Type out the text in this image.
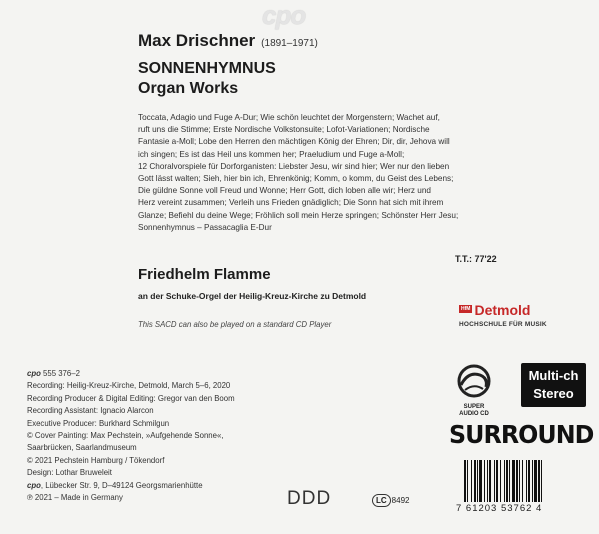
cpo
Max Drischner (1891–1971)
SONNENHYMNUS
Organ Works

Toccata, Adagio und Fuge A-Dur; Wie schön leuchtet der Morgenstern; Wachet auf,

ruft uns die Stimme; Erste Nordische Volkstonsuite; Lofot-Variationen; Nordische

Fantasie a-Moll; Lobe den Herren den mächtigen König der Ehren; Dir, dir, Jehova will

ich singen; Es ist das Heil uns kommen her; Praeludium und Fuge a-Moll;

12 Choralvorspiele für Dorforganisten: Liebster Jesu, wir sind hier; Wer nur den lieben

Gott lässt walten; Sieh, hier bin ich, Ehrenkönig; Komm, o komm, du Geist des Lebens;

Die güldne Sonne voll Freud und Wonne; Herr Gott, dich loben alle wir; Herz und

Herz vereint zusammen; Verleih uns Frieden gnädiglich; Die Sonn hat sich mit ihrem

Glanze; Befiehl du deine Wege; Fröhlich soll mein Herze springen; Schönster Herr Jesu;

Sonnenhymnus – Passacaglia E-Dur

T.T.: 77'22
Friedhelm Flamme
an der Schuke-Orgel der Heilig-Kreuz-Kirche zu Detmold
This SACD can also be played on a standard CD Player
HfM Detmold
HOCHSCHULE FÜR MUSIK

cpo 555 376–2

Recording: Heilig-Kreuz-Kirche, Detmold, March 5–6, 2020

Recording Producer & Digital Editing: Gregor van den Boom

Recording Assistant: Ignacio Alarcon

Executive Producer: Burkhard Schmilgun

© Cover Painting: Max Pechstein, »Aufgehende Sonne«,

Saarbrücken, Saarlandmuseum

© 2021 Pechstein Hamburg / Tökendorf

Design: Lothar Bruweleit

cpo, Lübecker Str. 9, D–49124 Georgsmarienhütte

℗ 2021 – Made in Germany

SUPER
AUDIO CD
Multi-ch
Stereo
SURROUND
DDD	LC 8492
7 61203 53762 4
